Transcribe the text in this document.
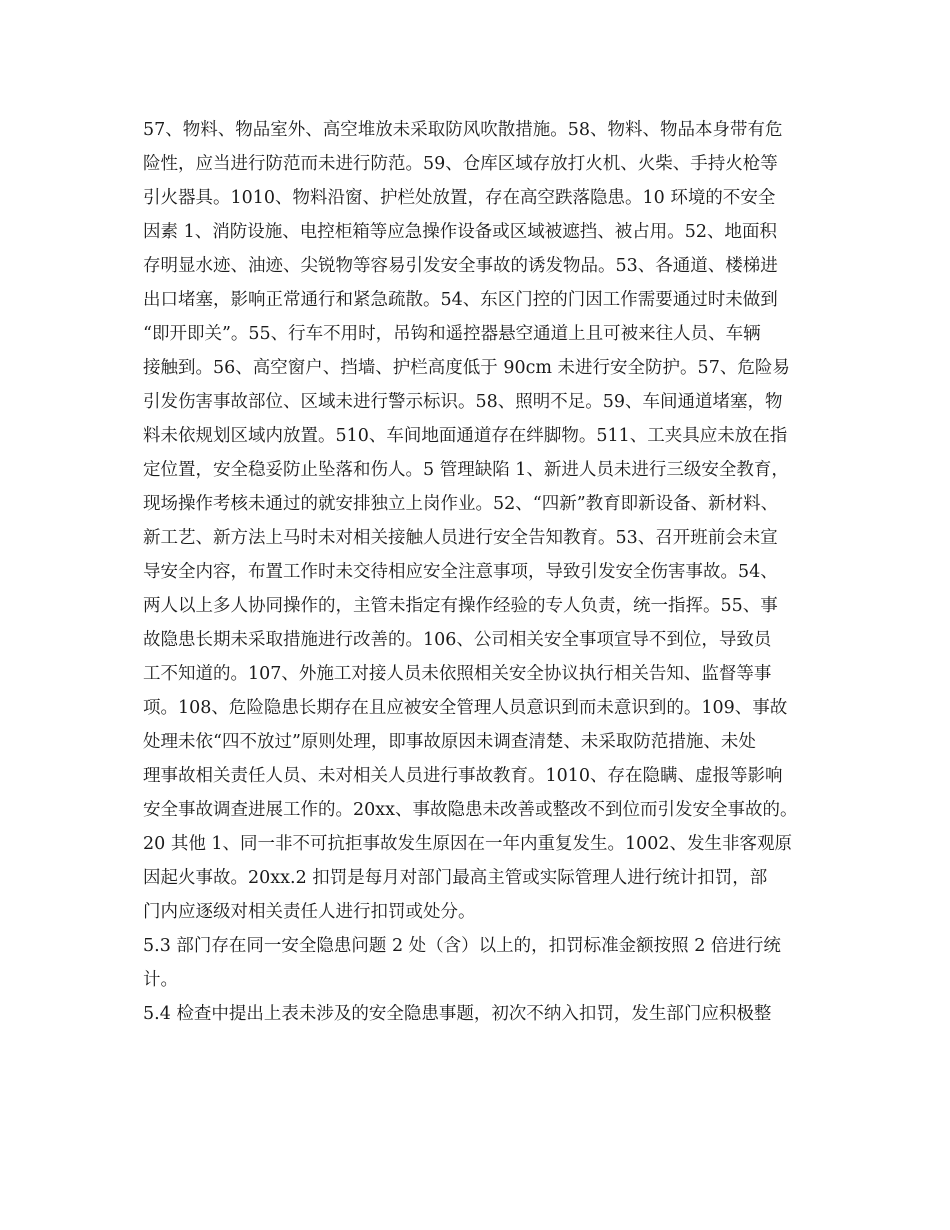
57、物料、物品室外、高空堆放未采取防风吹散措施。58、物料、物品本身带有危
险性，应当进行防范而未进行防范。59、仓库区域存放打火机、火柴、手持火枪等
引火器具。1010、物料沿窗、护栏处放置，存在高空跌落隐患。10 环境的不安全
因素 1、消防设施、电控柜箱等应急操作设备或区域被遮挡、被占用。52、地面积
存明显水迹、油迹、尖锐物等容易引发安全事故的诱发物品。53、各通道、楼梯进
出口堵塞，影响正常通行和紧急疏散。54、东区门控的门因工作需要通过时未做到
“即开即关”。55、行车不用时，吊钩和遥控器悬空通道上且可被来往人员、车辆
接触到。56、高空窗户、挡墙、护栏高度低于 90cm 未进行安全防护。57、危险易
引发伤害事故部位、区域未进行警示标识。58、照明不足。59、车间通道堵塞，物
料未依规划区域内放置。510、车间地面通道存在绊脚物。511、工夹具应未放在指
定位置，安全稳妥防止坠落和伤人。5 管理缺陷 1、新进人员未进行三级安全教育，
现场操作考核未通过的就安排独立上岗作业。52、“四新”教育即新设备、新材料、
新工艺、新方法上马时未对相关接触人员进行安全告知教育。53、召开班前会未宣
导安全内容，布置工作时未交待相应安全注意事项，导致引发安全伤害事故。54、
两人以上多人协同操作的，主管未指定有操作经验的专人负责，统一指挥。55、事
故隐患长期未采取措施进行改善的。106、公司相关安全事项宣导不到位，导致员
工不知道的。107、外施工对接人员未依照相关安全协议执行相关告知、监督等事
项。108、危险隐患长期存在且应被安全管理人员意识到而未意识到的。109、事故
处理未依“四不放过”原则处理，即事故原因未调查清楚、未采取防范措施、未处
理事故相关责任人员、未对相关人员进行事故教育。1010、存在隐瞒、虚报等影响
安全事故调查进展工作的。20xx、事故隐患未改善或整改不到位而引发安全事故的。
20 其他 1、同一非不可抗拒事故发生原因在一年内重复发生。1002、发生非客观原
因起火事故。20xx.2 扣罚是每月对部门最高主管或实际管理人进行统计扣罚，部
门内应逐级对相关责任人进行扣罚或处分。
5.3 部门存在同一安全隐患问题 2 处（含）以上的，扣罚标准金额按照 2 倍进行统
计。
5.4 检查中提出上表未涉及的安全隐患事题，初次不纳入扣罚，发生部门应积极整
